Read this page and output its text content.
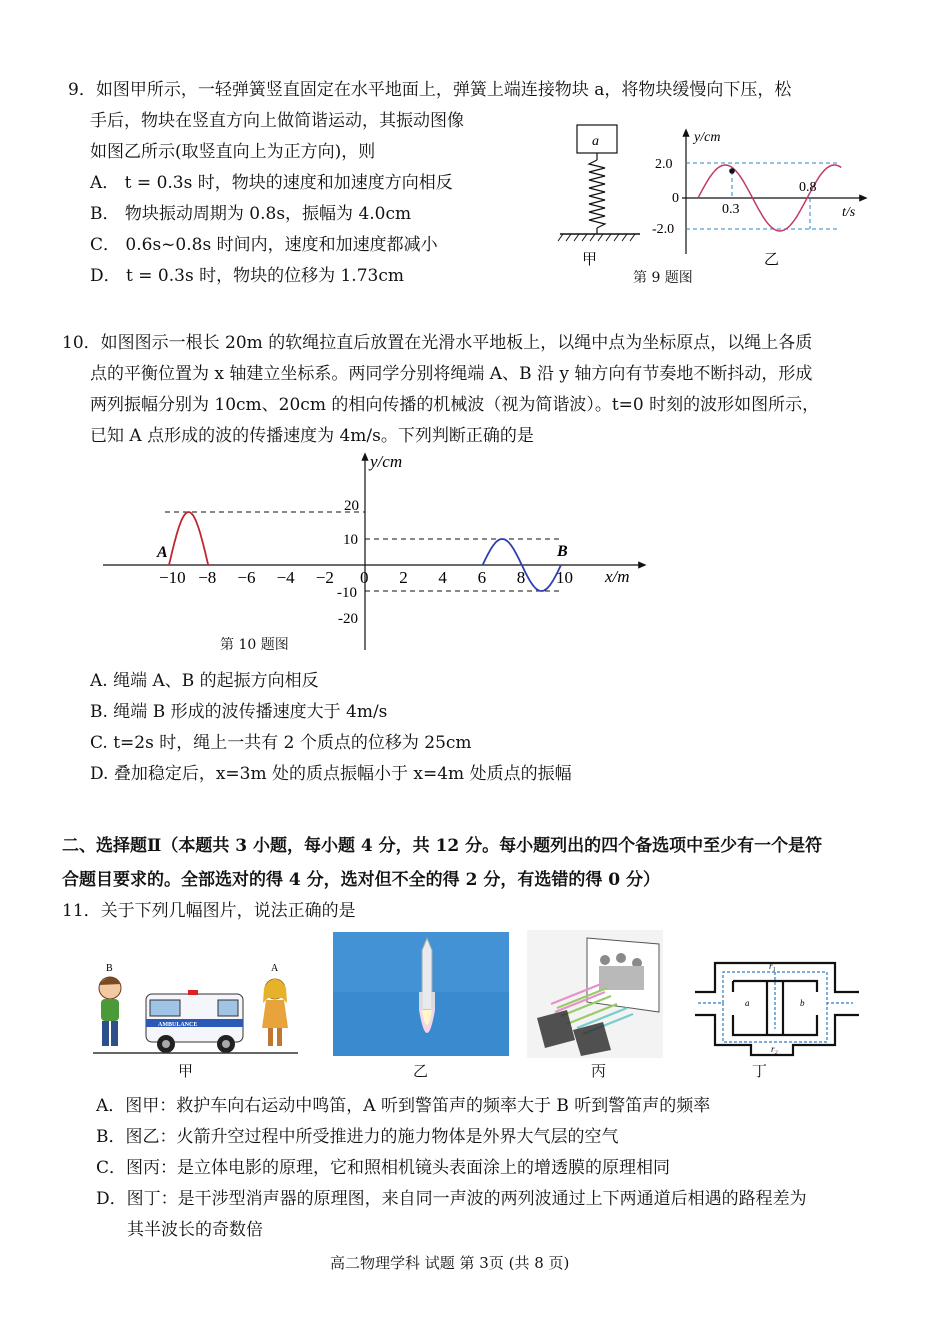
9．如图甲所示，一轻弹簧竖直固定在水平地面上，弹簧上端连接物块 a，将物块缓慢向下压，松
手后，物块在竖直方向上做简谐运动，其振动图像
如图乙所示(取竖直向上为正方向)，则
A． t = 0.3s 时，物块的速度和加速度方向相反
B． 物块振动周期为 0.8s，振幅为 4.0cm
C． 0.6s~0.8s 时间内，速度和加速度都减小
D． t = 0.3s 时，物块的位移为 1.73cm
a
甲
y/cm
t/s
2.0
0
-2.0
0.3
0.8
乙
第 9 题图
10．如图图示一根长 20m 的软绳拉直后放置在光滑水平地板上，以绳中点为坐标原点，以绳上各质
点的平衡位置为 x 轴建立坐标系。两同学分别将绳端 A、B 沿 y 轴方向有节奏地不断抖动，形成
两列振幅分别为 10cm、20cm 的相向传播的机械波（视为简谐波）。t=0 时刻的波形如图所示，
已知 A 点形成的波的传播速度为 4m/s。下列判断正确的是
y/cm
x/m
20
10
-10
-20
−10 −8 −6 −4 −2 0 2 4 6 8 10
A	B
第 10 题图
A. 绳端 A、B 的起振方向相反
B. 绳端 B 形成的波传播速度大于 4m/s
C. t=2s 时，绳上一共有 2 个质点的位移为 25cm
D. 叠加稳定后，x=3m 处的质点振幅小于 x=4m 处质点的振幅
二、选择题Ⅱ（本题共 3 小题，每小题 4 分，共 12 分。每小题列出的四个备选项中至少有一个是符
合题目要求的。全部选对的得 4 分，选对但不全的得 2 分，有选错的得 0 分）
11．关于下列几幅图片，说法正确的是
B
AMBULANCE
A	r₁
r₂
a	b
甲	乙	丙	丁
A．图甲：救护车向右运动中鸣笛，A 听到警笛声的频率大于 B 听到警笛声的频率
B．图乙：火箭升空过程中所受推进力的施力物体是外界大气层的空气
C．图丙：是立体电影的原理，它和照相机镜头表面涂上的增透膜的原理相同
D．图丁：是干涉型消声器的原理图，来自同一声波的两列波通过上下两通道后相遇的路程差为
其半波长的奇数倍
高二物理学科 试题 第 3页 (共 8 页)
